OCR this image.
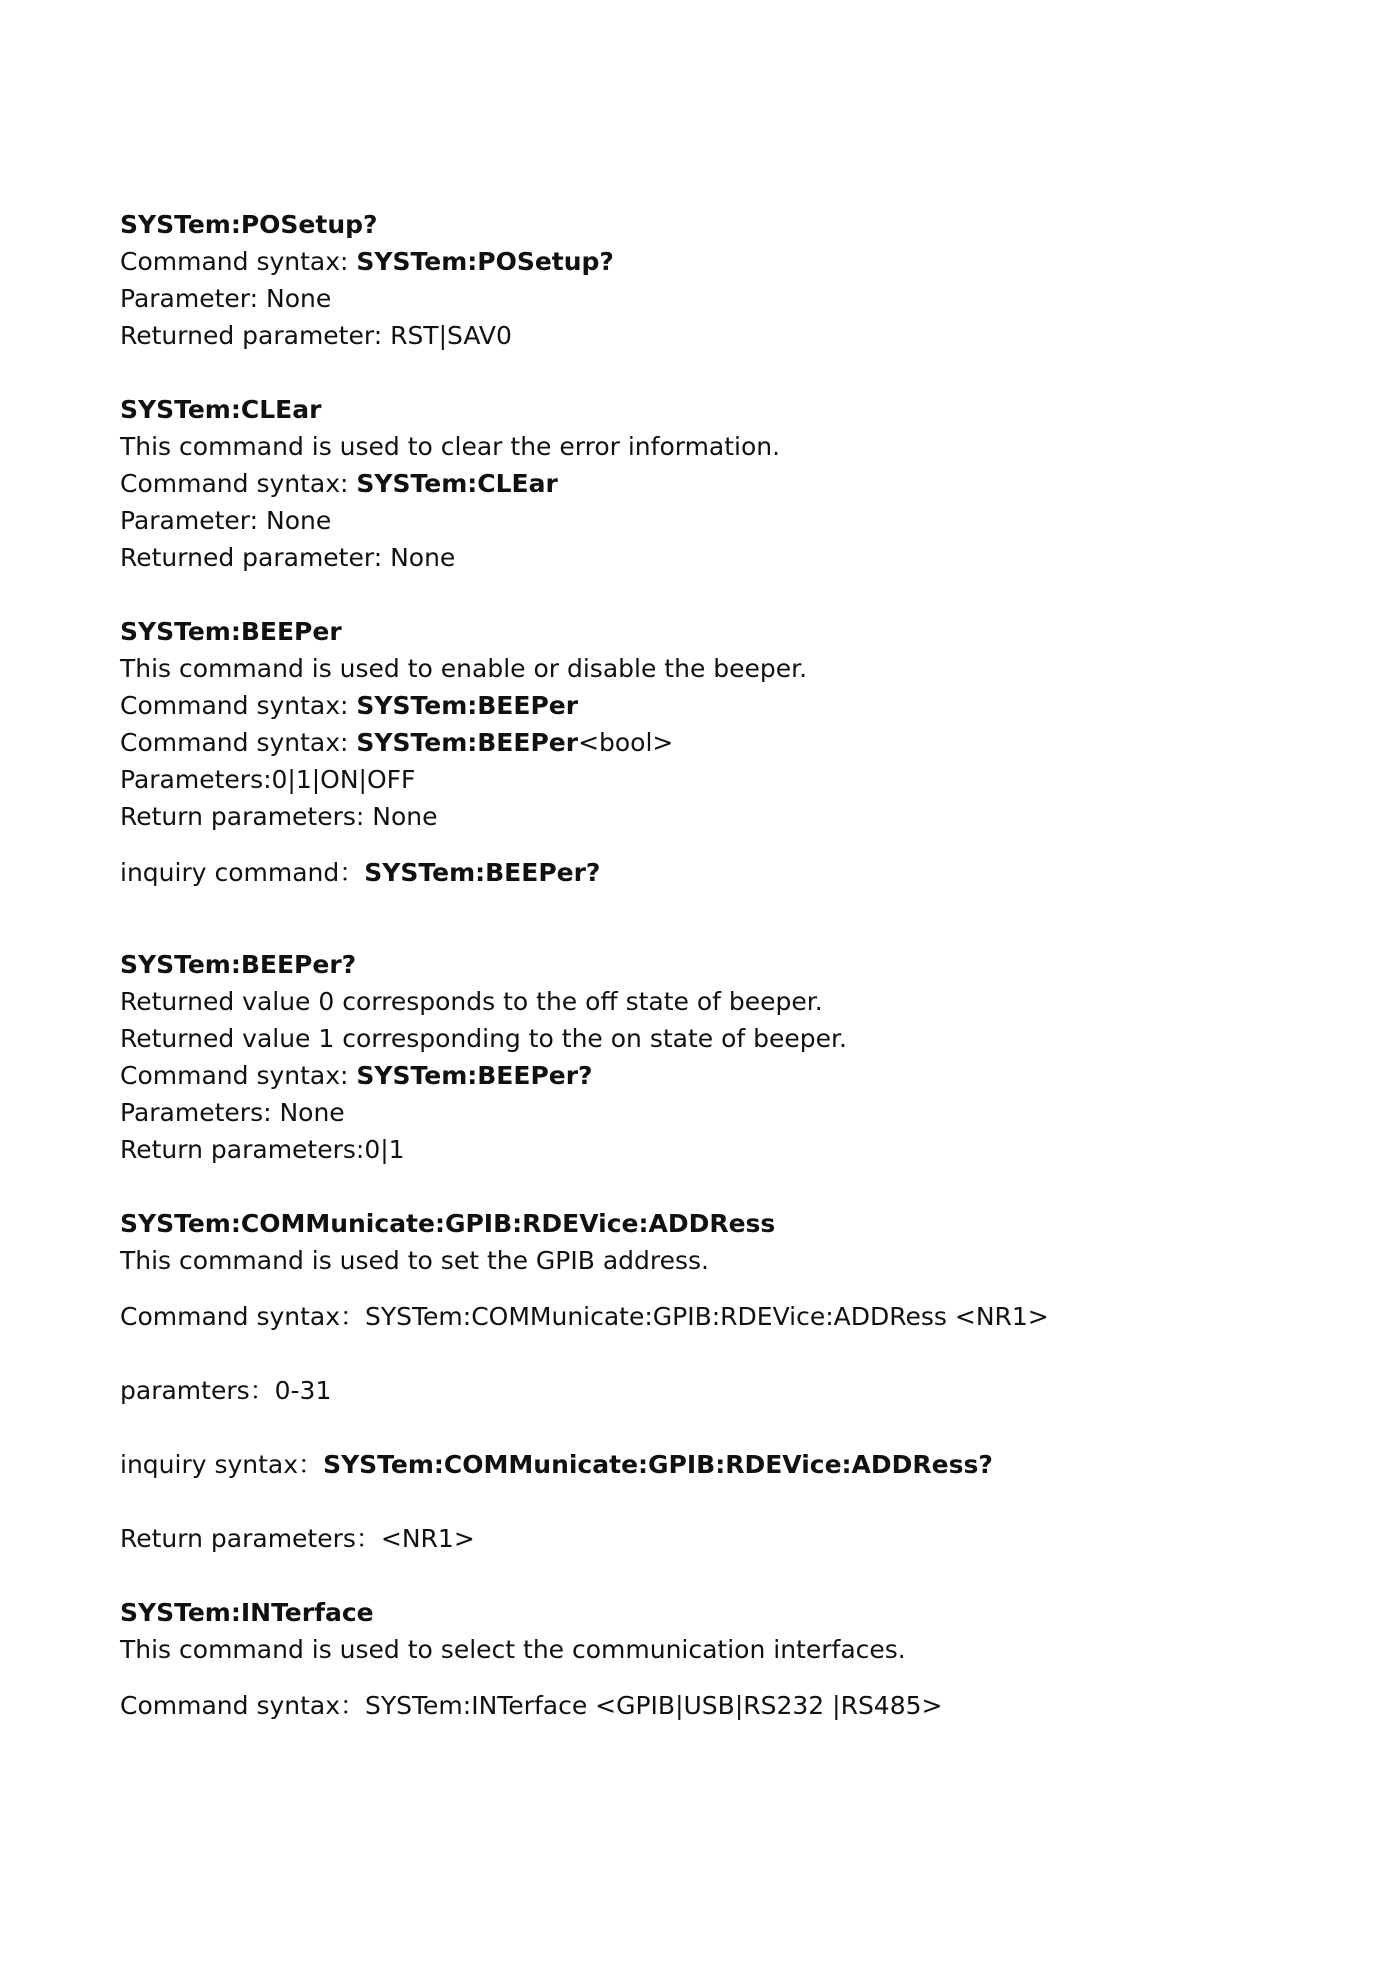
SYSTem:POSetup?
Command syntax: SYSTem:POSetup?
Parameter: None
Returned parameter: RST|SAV0
SYSTem:CLEar
This command is used to clear the error information.
Command syntax: SYSTem:CLEar
Parameter: None
Returned parameter: None
SYSTem:BEEPer
This command is used to enable or disable the beeper.
Command syntax: SYSTem:BEEPer
Command syntax: SYSTem:BEEPer<bool>
Parameters:0|1|ON|OFF
Return parameters: None
inquiry command：SYSTem:BEEPer?
SYSTem:BEEPer?
Returned value 0 corresponds to the off state of beeper.
Returned value 1 corresponding to the on state of beeper.
Command syntax: SYSTem:BEEPer?
Parameters: None
Return parameters:0|1
SYSTem:COMMunicate:GPIB:RDEVice:ADDRess
This command is used to set the GPIB address.
Command syntax：SYSTem:COMMunicate:GPIB:RDEVice:ADDRess <NR1>
paramters：0-31
inquiry syntax：SYSTem:COMMunicate:GPIB:RDEVice:ADDRess?
Return parameters：<NR1>
SYSTem:INTerface
This command is used to select the communication interfaces.
Command syntax：SYSTem:INTerface <GPIB|USB|RS232 |RS485>
